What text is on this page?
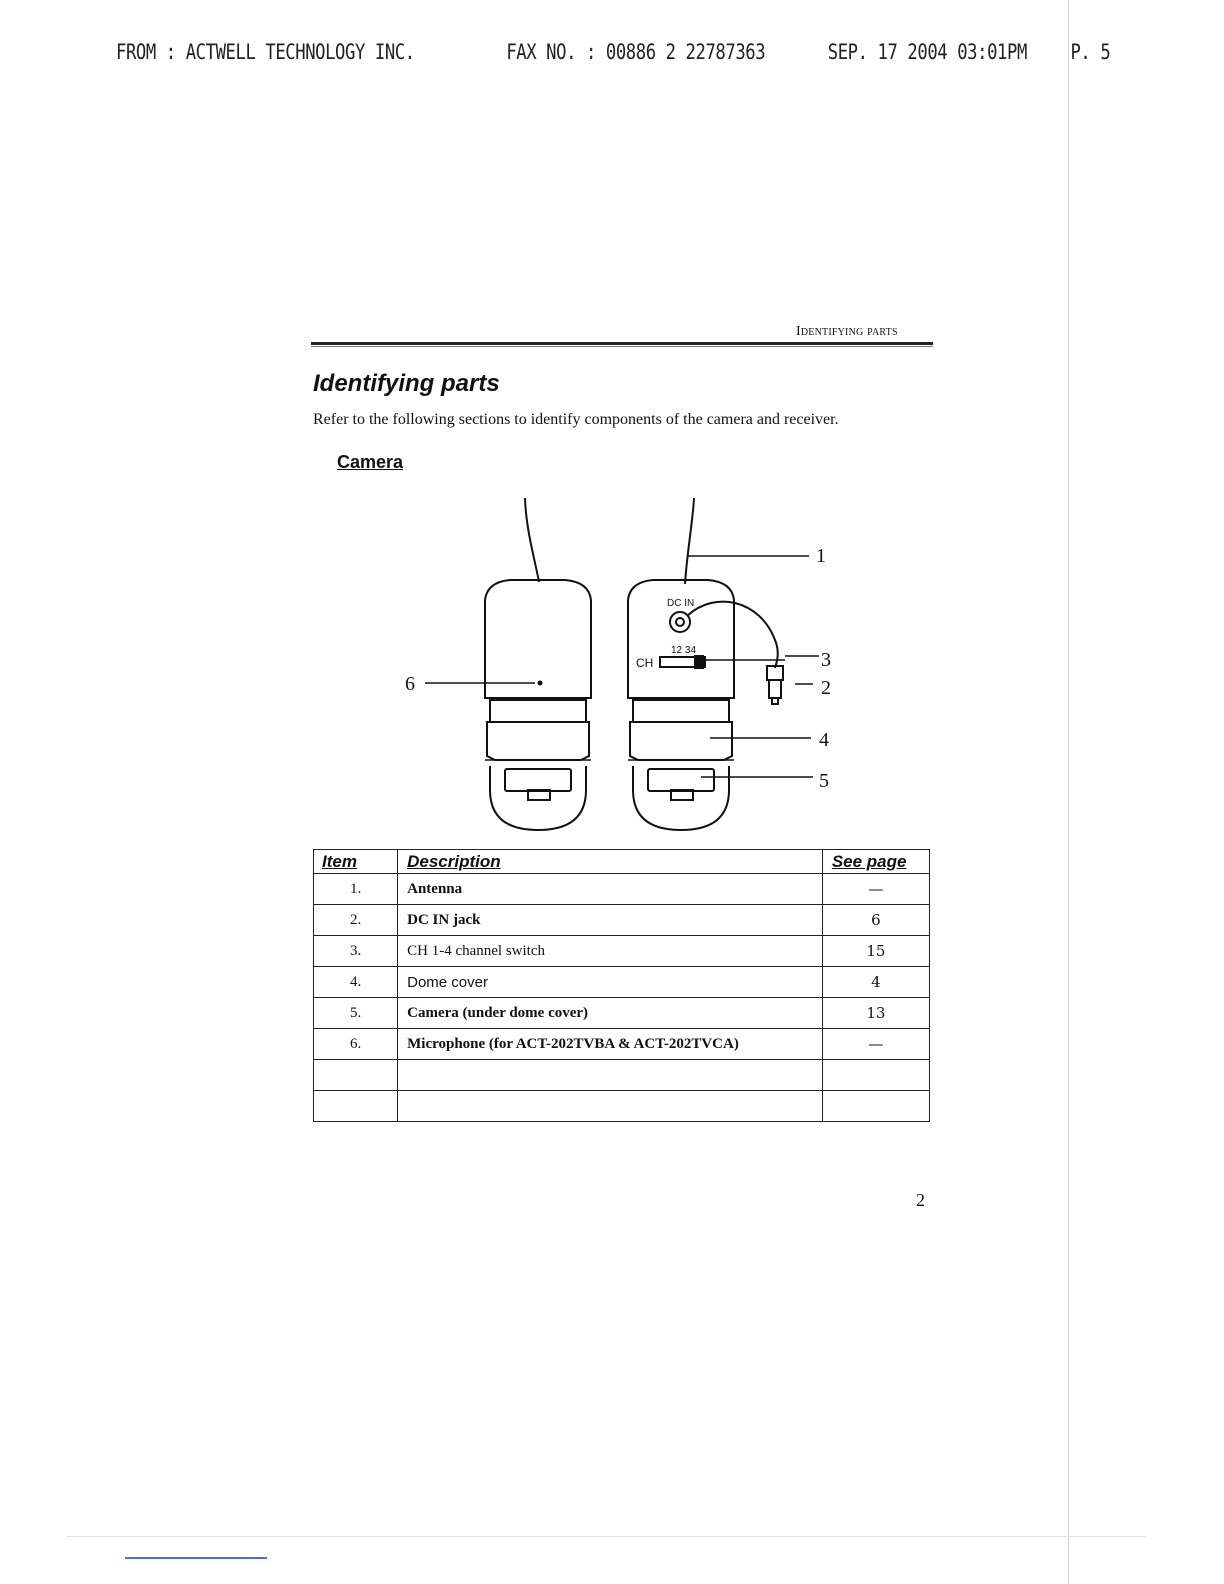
FROM : ACTWELL TECHNOLOGY INC.	FAX NO. : 00886 2 22787363	SEP. 17 2004 03:01PM P. 5
Identifying parts
Identifying parts
Refer to the following sections to identify components of the camera and receiver.
Camera
DC IN
CH
12 34
1
2
3
4
5
6
Item	Description	See page
1.	Antenna	—
2.	DC IN jack	6
3.	CH 1-4 channel switch	15
4.	Dome cover	4
5.	Camera (under dome cover)	13
6.	Microphone (for ACT-202TVBA & ACT-202TVCA)	—

2
